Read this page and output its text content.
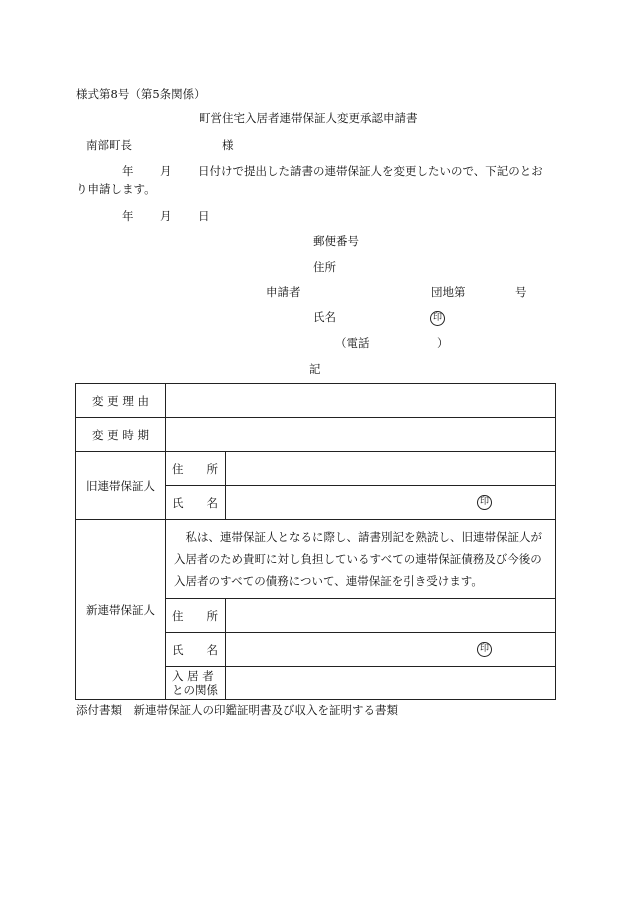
様式第8号（第5条関係）
町営住宅入居者連帯保証人変更承認申請書
南部町長	様
年 月 日付けで提出した請書の連帯保証人を変更したいので、下記のとお
り申請します。
年 月 日
郵便番号
住所
申請者	団地第	号
氏名	印
（電話	）
記
変 更 理 由		
変 更 時 期		
旧連帯保証人	住　　所	
	氏　　名	印

新連帯保証人	私は、連帯保証人となるに際し、請書別記を熟読し、旧連帯保証人が入居者のため貴町に対し負担しているすべての連帯保証債務及び今後の入居者のすべての債務について、連帯保証を引き受けます。	
	住　　所	
	氏　　名	印

	入 居 者
との関係	

添付書類　新連帯保証人の印鑑証明書及び収入を証明する書類
